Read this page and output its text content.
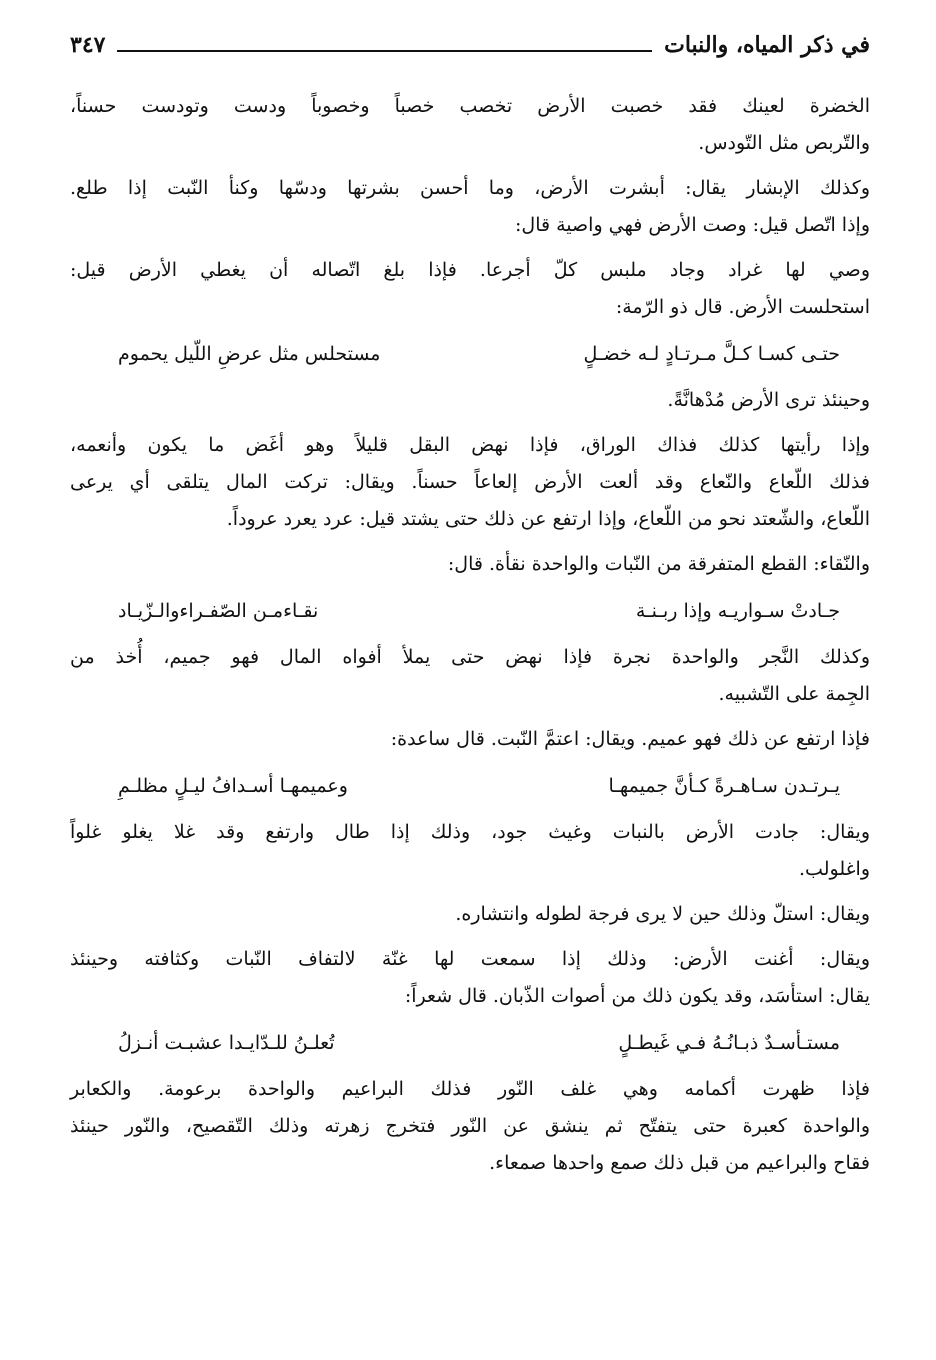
في ذكر المياه، والنبات
٣٤٧
الخضرة لعينك فقد خصبت الأرض تخصب خصباً وخصوباً ودست وتودست حسناً،
والتّربص مثل التّودس.
وكذلك الإبشار يقال: أبشرت الأرض، وما أحسن بشرتها ودسّها وكنأ النّبت إذا طلع.
وإذا اتّصل قيل: وصت الأرض فهي واصية قال:
وصي لها غراد وجاد ملبس كلّ أجرعا. فإذا بلغ اتّصاله أن يغطي الأرض قيل:
استحلست الأرض. قال ذو الرّمة:
حتـى كسـا كـلَّ مـرتـادٍ لـه خضـلٍ
مستحلس مثل عرضِ اللّيل يحموم
وحينئذ ترى الأرض مُدْهانَّةً.
وإذا رأيتها كذلك فذاك الوراق، فإذا نهض البقل قليلاً وهو أغَض ما يكون وأنعمه،
فذلك اللّعاع والنّعاع وقد ألعت الأرض إلعاعاً حسناً. ويقال: تركت المال يتلقى أي يرعى
اللّعاع، والشّعتد نحو من اللّعاع، وإذا ارتفع عن ذلك حتى يشتد قيل: عرد يعرد عروداً.
والنّقاء: القطع المتفرقة من النّبات والواحدة نقأة. قال:
جـادتْ سـواريـه وإذا ربـنـة
نقـاءمـن الصّفـراءوالـزّيـاد
وكذلك النَّجر والواحدة نجرة فإذا نهض حتى يملأ أفواه المال فهو جميم، أُخذ من
الجِمة على التّشبيه.
فإذا ارتفع عن ذلك فهو عميم. ويقال: اعتمَّ النّبت. قال ساعدة:
يـرتـدن سـاهـرةً كـأنَّ جميمهـا
وعميمهـا أسـدافُ ليـلٍ مظلـمِ
ويقال: جادت الأرض بالنبات وغيث جود، وذلك إذا طال وارتفع وقد غلا يغلو غلواً
واغلولب.
ويقال: استلّ وذلك حين لا يرى فرجة لطوله وانتشاره.
ويقال: أغنت الأرض: وذلك إذا سمعت لها غنّة لالتفاف النّبات وكثافته وحينئذ
يقال: استأسَد، وقد يكون ذلك من أصوات الذّبان. قال شعراً:
مستـأسـدٌ ذبـانُـهُ فـي غَيطـلٍ
تُعلـنُ للـدّايـدا عشبـت أنـزلُ
فإذا ظهرت أكمامه وهي غلف النّور فذلك البراعيم والواحدة برعومة. والكعابر
والواحدة كعبرة حتى يتفتّح ثم ينشق عن النّور فتخرج زهرته وذلك التّقصيح، والنّور حينئذ
فقاح والبراعيم من قبل ذلك صمع واحدها صمعاء.
